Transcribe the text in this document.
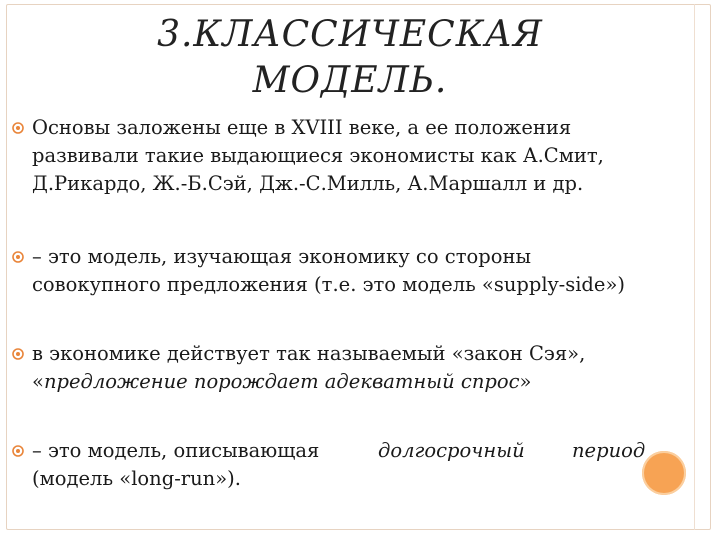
3.КЛАССИЧЕСКАЯ
МОДЕЛЬ.
Основы заложены еще в XVIII веке, а ее положения
развивали такие выдающиеся экономисты как А.Смит,
Д.Рикардо, Ж.-Б.Сэй, Дж.-С.Милль, А.Маршалл и др.
– это модель, изучающая экономику со стороны
совокупного предложения (т.е. это модель «supply-side»)
в экономике действует так называемый «закон Сэя»,
«предложение порождает адекватный спрос»
– это модель, описывающая	долгосрочный период
(модель «long-run»).
